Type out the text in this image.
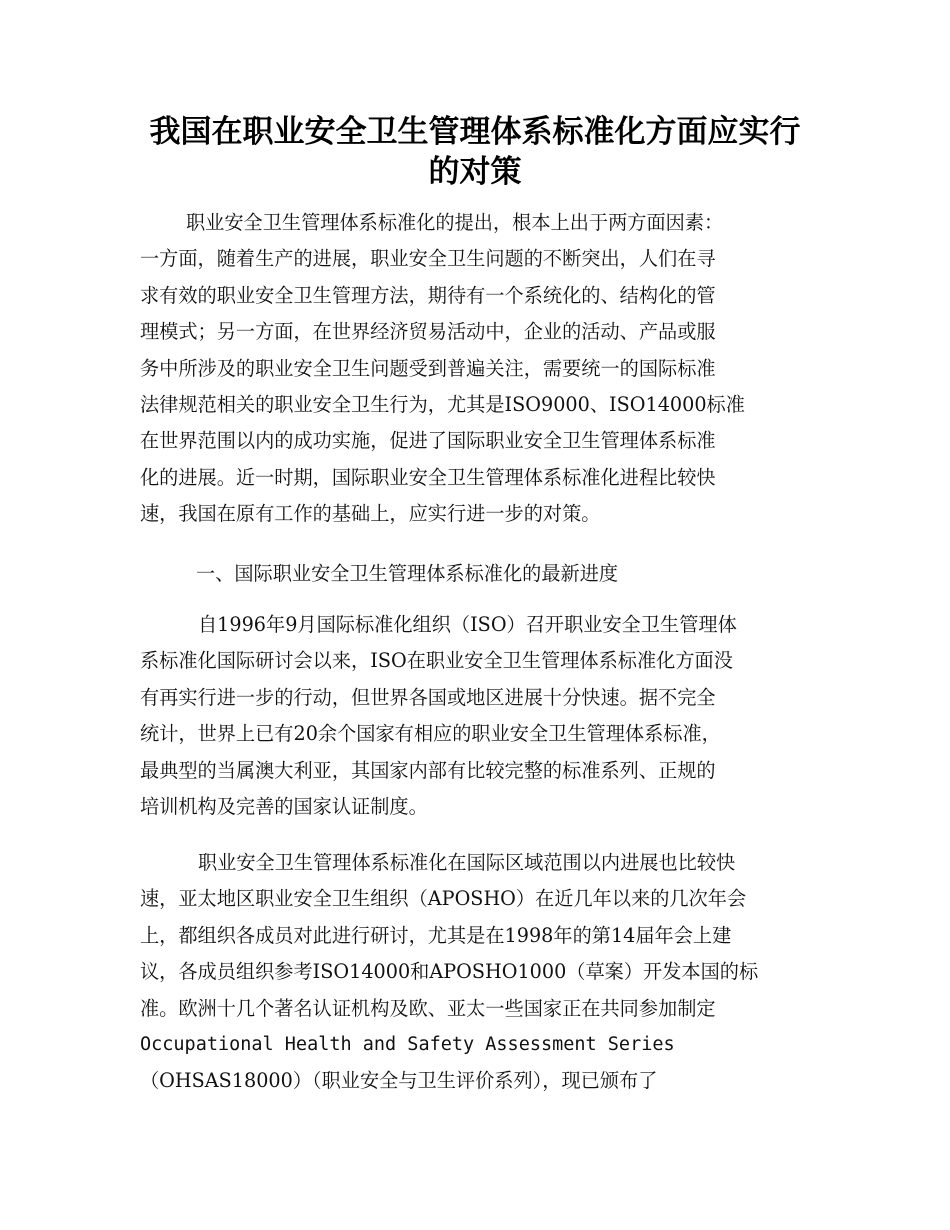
我国在职业安全卫生管理体系标准化方面应实行
的对策
职业安全卫生管理体系标准化的提出，根本上出于两方面因素：
一方面，随着生产的进展，职业安全卫生问题的不断突出，人们在寻
求有效的职业安全卫生管理方法，期待有一个系统化的、结构化的管
理模式；另一方面，在世界经济贸易活动中，企业的活动、产品或服
务中所涉及的职业安全卫生问题受到普遍关注，需要统一的国际标准
法律规范相关的职业安全卫生行为，尤其是ISO9000、ISO14000标准
在世界范围以内的成功实施，促进了国际职业安全卫生管理体系标准
化的进展。近一时期，国际职业安全卫生管理体系标准化进程比较快
速，我国在原有工作的基础上，应实行进一步的对策。
一、国际职业安全卫生管理体系标准化的最新进度
自1996年9月国际标准化组织（ISO）召开职业安全卫生管理体
系标准化国际研讨会以来，ISO在职业安全卫生管理体系标准化方面没
有再实行进一步的行动，但世界各国或地区进展十分快速。据不完全
统计，世界上已有20余个国家有相应的职业安全卫生管理体系标准，
最典型的当属澳大利亚，其国家内部有比较完整的标准系列、正规的
培训机构及完善的国家认证制度。
职业安全卫生管理体系标准化在国际区域范围以内进展也比较快
速，亚太地区职业安全卫生组织（APOSHO）在近几年以来的几次年会
上，都组织各成员对此进行研讨，尤其是在1998年的第14届年会上建
议，各成员组织参考ISO14000和APOSHO1000（草案）开发本国的标
准。欧洲十几个著名认证机构及欧、亚太一些国家正在共同参加制定
Occupational Health and Safety Assessment Series
（OHSAS18000）（职业安全与卫生评价系列），现已颁布了
